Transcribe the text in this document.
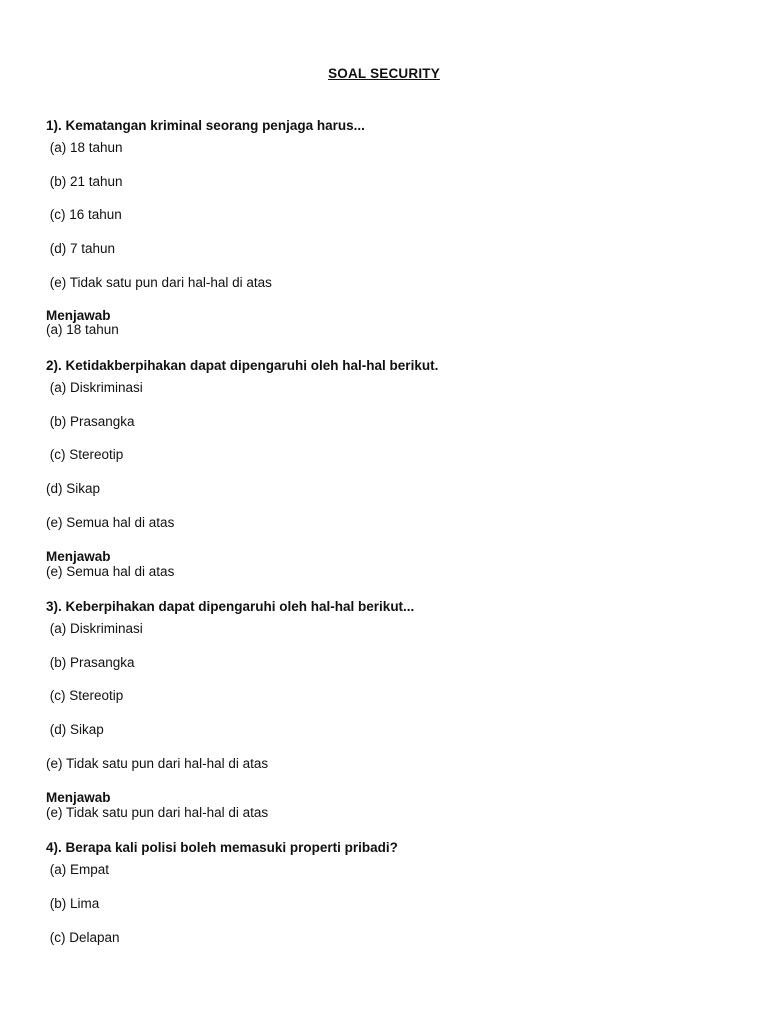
SOAL SECURITY
1). Kematangan kriminal seorang penjaga harus...
(a) 18 tahun
(b) 21 tahun
(c) 16 tahun
(d) 7 tahun
(e) Tidak satu pun dari hal-hal di atas
Menjawab
(a) 18 tahun
2). Ketidakberpihakan dapat dipengaruhi oleh hal-hal berikut.
(a) Diskriminasi
(b) Prasangka
(c) Stereotip
(d) Sikap
(e) Semua hal di atas
Menjawab
(e) Semua hal di atas
3). Keberpihakan dapat dipengaruhi oleh hal-hal berikut...
(a) Diskriminasi
(b) Prasangka
(c) Stereotip
(d) Sikap
(e) Tidak satu pun dari hal-hal di atas
Menjawab
(e) Tidak satu pun dari hal-hal di atas
4). Berapa kali polisi boleh memasuki properti pribadi?
(a) Empat
(b) Lima
(c) Delapan
